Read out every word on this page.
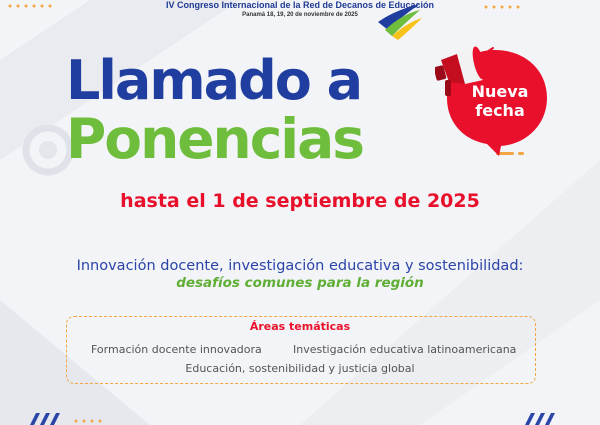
IV Congreso Internacional de la Red de Decanos de Educación
Panamá 18, 19, 20 de noviembre de 2025
Llamado a
Ponencias
Nueva
fecha
hasta el 1 de septiembre de 2025
Innovación docente, investigación educativa y sostenibilidad:
desafíos comunes para la región
Áreas temáticas
Formación docente innovadora	Investigación educativa latinoamericana
Educación, sostenibilidad y justicia global
